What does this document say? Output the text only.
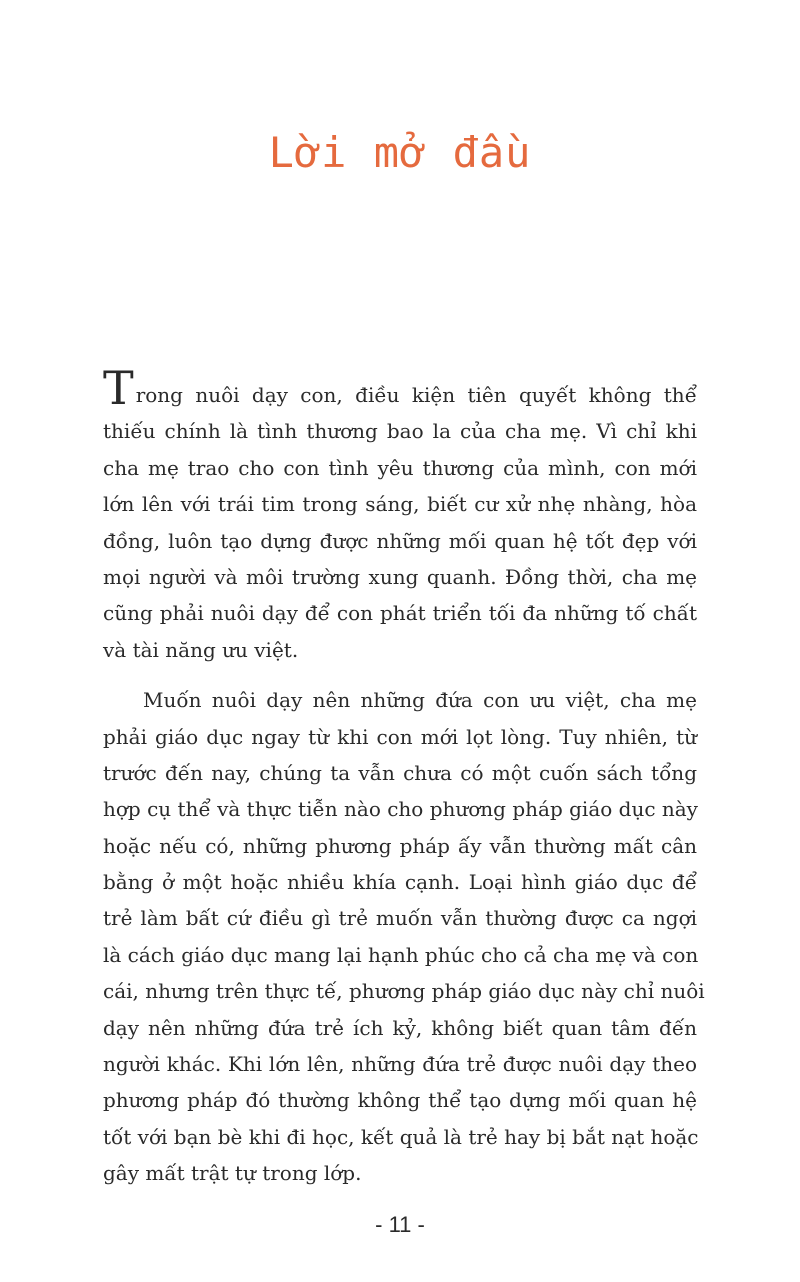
Lời mở đầu
Trong nuôi dạy con, điều kiện tiên quyết không thể
thiếu chính là tình thương bao la của cha mẹ. Vì chỉ khi
cha mẹ trao cho con tình yêu thương của mình, con mới
lớn lên với trái tim trong sáng, biết cư xử nhẹ nhàng, hòa
đồng, luôn tạo dựng được những mối quan hệ tốt đẹp với
mọi người và môi trường xung quanh. Đồng thời, cha mẹ
cũng phải nuôi dạy để con phát triển tối đa những tố chất
và tài năng ưu việt.
Muốn nuôi dạy nên những đứa con ưu việt, cha mẹ
phải giáo dục ngay từ khi con mới lọt lòng. Tuy nhiên, từ
trước đến nay, chúng ta vẫn chưa có một cuốn sách tổng
hợp cụ thể và thực tiễn nào cho phương pháp giáo dục này
hoặc nếu có, những phương pháp ấy vẫn thường mất cân
bằng ở một hoặc nhiều khía cạnh. Loại hình giáo dục để
trẻ làm bất cứ điều gì trẻ muốn vẫn thường được ca ngợi
là cách giáo dục mang lại hạnh phúc cho cả cha mẹ và con
cái, nhưng trên thực tế, phương pháp giáo dục này chỉ nuôi
dạy nên những đứa trẻ ích kỷ, không biết quan tâm đến
người khác. Khi lớn lên, những đứa trẻ được nuôi dạy theo
phương pháp đó thường không thể tạo dựng mối quan hệ
tốt với bạn bè khi đi học, kết quả là trẻ hay bị bắt nạt hoặc
gây mất trật tự trong lớp.
- 11 -
